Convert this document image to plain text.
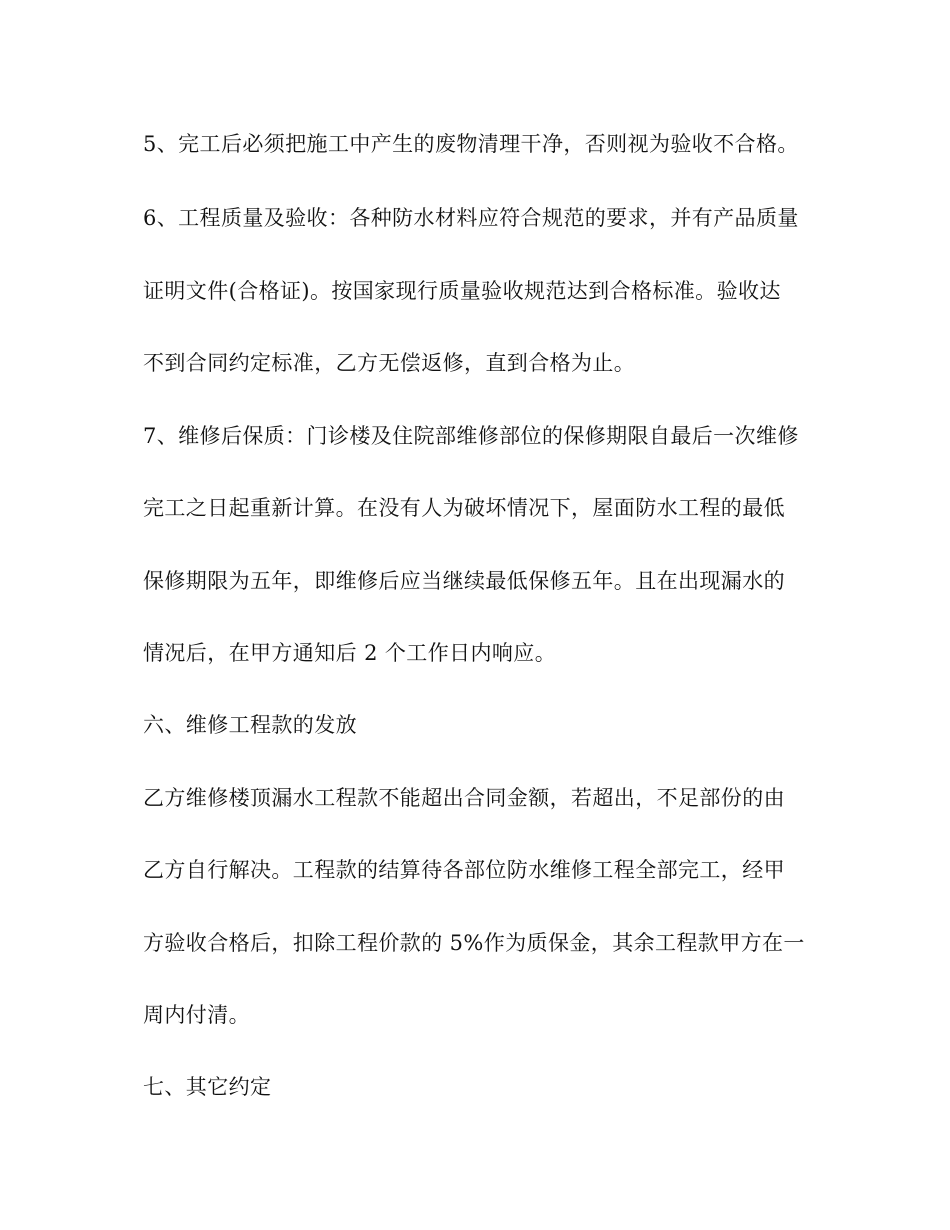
5、完工后必须把施工中产生的废物清理干净，否则视为验收不合格。
6、工程质量及验收：各种防水材料应符合规范的要求，并有产品质量
证明文件(合格证)。按国家现行质量验收规范达到合格标准。验收达
不到合同约定标准，乙方无偿返修，直到合格为止。
7、维修后保质：门诊楼及住院部维修部位的保修期限自最后一次维修
完工之日起重新计算。在没有人为破坏情况下，屋面防水工程的最低
保修期限为五年，即维修后应当继续最低保修五年。且在出现漏水的
情况后，在甲方通知后 2 个工作日内响应。
六、维修工程款的发放
乙方维修楼顶漏水工程款不能超出合同金额，若超出，不足部份的由
乙方自行解决。工程款的结算待各部位防水维修工程全部完工，经甲
方验收合格后，扣除工程价款的 5%作为质保金，其余工程款甲方在一
周内付清。
七、其它约定
